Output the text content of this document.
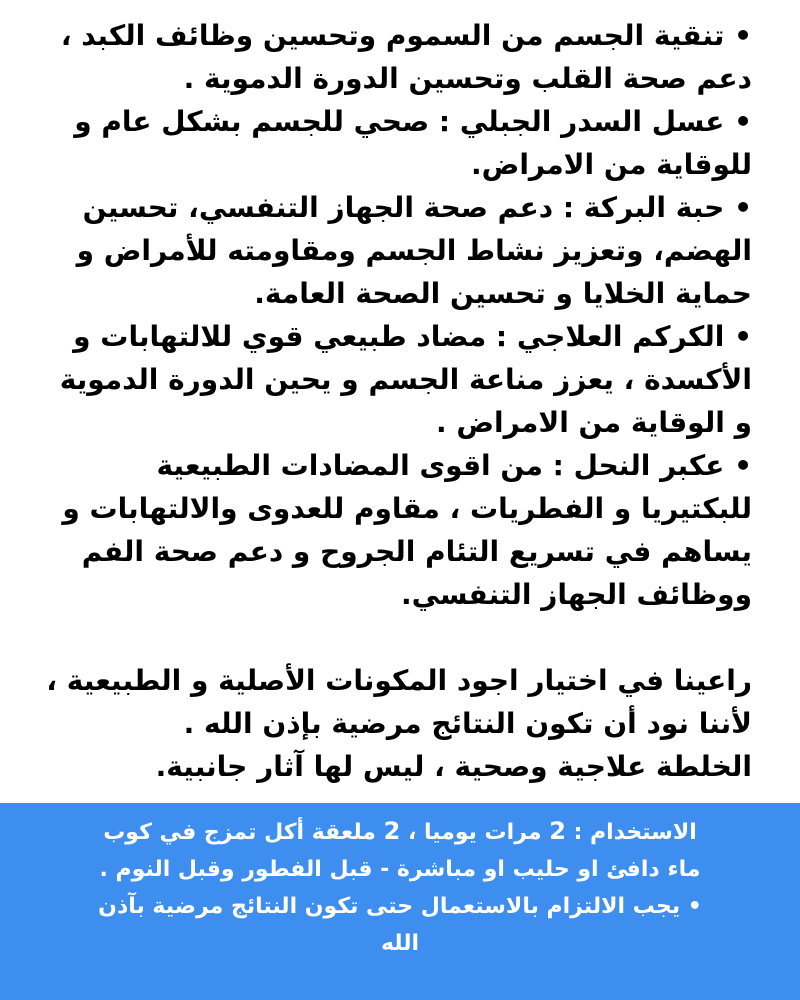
• تنقية الجسم من السموم وتحسين وظائف الكبد ، دعم صحة القلب وتحسين الدورة الدموية .

• عسل السدر الجبلي : صحي للجسم بشكل عام و للوقاية من الامراض.

• حبة البركة : دعم صحة الجهاز التنفسي، تحسين الهضم، وتعزيز نشاط الجسم ومقاومته للأمراض و حماية الخلايا و تحسين الصحة العامة.

• الكركم العلاجي : مضاد طبيعي قوي للالتهابات و الأكسدة ، يعزز مناعة الجسم و يحين الدورة الدموية و الوقاية من الامراض .

• عكبر النحل : من اقوى المضادات الطبيعية للبكتيريا و الفطريات ، مقاوم للعدوى والالتهابات و يساهم في تسريع التئام الجروح و دعم صحة الفم ووظائف الجهاز التنفسي.

راعينا في اختيار اجود المكونات الأصلية و الطبيعية ،

لأننا نود أن تكون النتائج مرضية بإذن الله .

الخلطة علاجية وصحية ، ليس لها آثار جانبية.

الاستخدام : 2 مرات يوميا ، 2 ملعقة أكل تمزج في كوب ماء دافئ او حليب او مباشرة - قبل الفطور وقبل النوم .

• يجب الالتزام بالاستعمال حتى تكون النتائج مرضية بآذن الله
